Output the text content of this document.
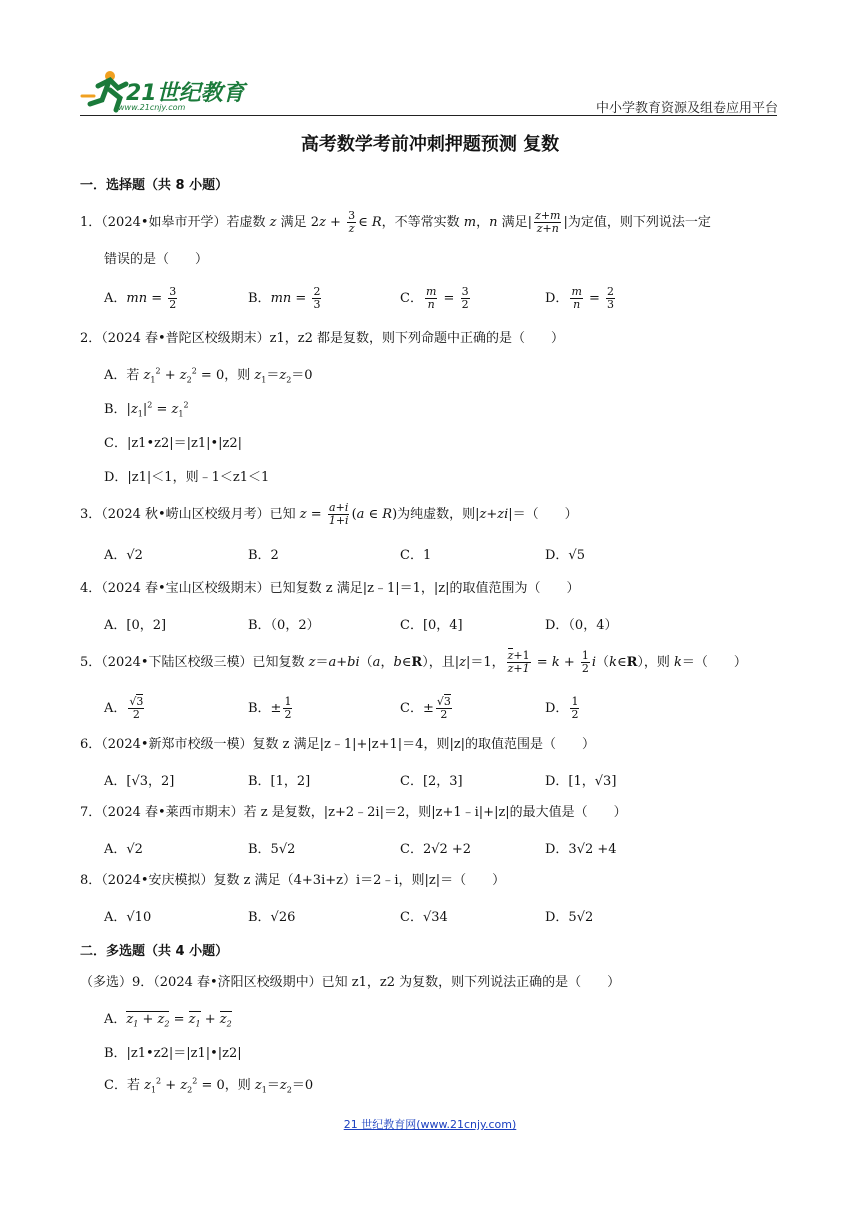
21世纪教育
www.21cnjy.com	中小学教育资源及组卷应用平台
高考数学考前冲刺押题预测 复数
一．选择题（共 8 小题）
1．（2024•如皋市开学）若虚数 z 满足 $2z + \frac{3}{z}$ ∈ R，不等常实数 m，n 满足| $\frac{z+m}{z+n}$ |为定值，则下列说法一定
错误的是（　　）
A．mn = $\frac{3}{2}$	B．mn = $\frac{2}{3}$	C． $\frac{m}{n} = \frac{3}{2}$	D． $\frac{m}{n} = \frac{2}{3}$
2．（2024 春•普陀区校级期末）z1，z2 都是复数，则下列命题中正确的是（　　）
A．若 $z_1^2 + z_2^2 = 0$，则 $z_1=z_2=0$
B．$|z_1|^2 = z_1^2$
C．|z1•z2|＝|z1|•|z2|
D．|z1|＜1，则﹣1＜z1＜1
3．（2024 秋•崂山区校级月考）已知 $z = \frac{a+i}{1+i} (a$ ∈ R)为纯虚数，则|z+zi|＝（　　）
A．√2	B．2	C．1	D．√5
4．（2024 春•宝山区校级期末）已知复数 z 满足|z﹣1|＝1，|z|的取值范围为（　　）
A．[0，2]	B．（0，2）	C．[0，4]	D．（0，4）
5．（2024•下陆区校级三模）已知复数 z＝a+bi（a，b∈R），且|z|＝1， $\frac{z+1}{z+1} = k + \frac{1}{2}$ i（k∈R），则 k＝（　　）
A． $\frac{√3}{2}$	B．± $\frac{1}{2}$	C．± $\frac{√3}{2}$	D． $\frac{1}{2}$
6．（2024•新郑市校级一模）复数 z 满足|z﹣1|+|z+1|＝4，则|z|的取值范围是（　　）
A．[√3，2]	B．[1，2]	C．[2，3]	D．[1，√3]
7．（2024 春•莱西市期末）若 z 是复数，|z+2﹣2i|＝2，则|z+1﹣i|+|z|的最大值是（　　）
A．√2	B．5√2	C．2√2 +2	D．3√2 +4
8．（2024•安庆模拟）复数 z 满足（4+3i+z）i＝2﹣i，则|z|＝（　　）
A．√10	B．√26	C．√34	D．5√2
二．多选题（共 4 小题）
（多选）9．（2024 春•济阳区校级期中）已知 z1，z2 为复数，则下列说法正确的是（　　）
A．$z_1 + z_2 = z_1 + z_2$
B．|z1•z2|＝|z1|•|z2|
C．若 $z_1^2 + z_2^2 = 0$，则 $z_1=z_2=0$
21 世纪教育网(www.21cnjy.com)
